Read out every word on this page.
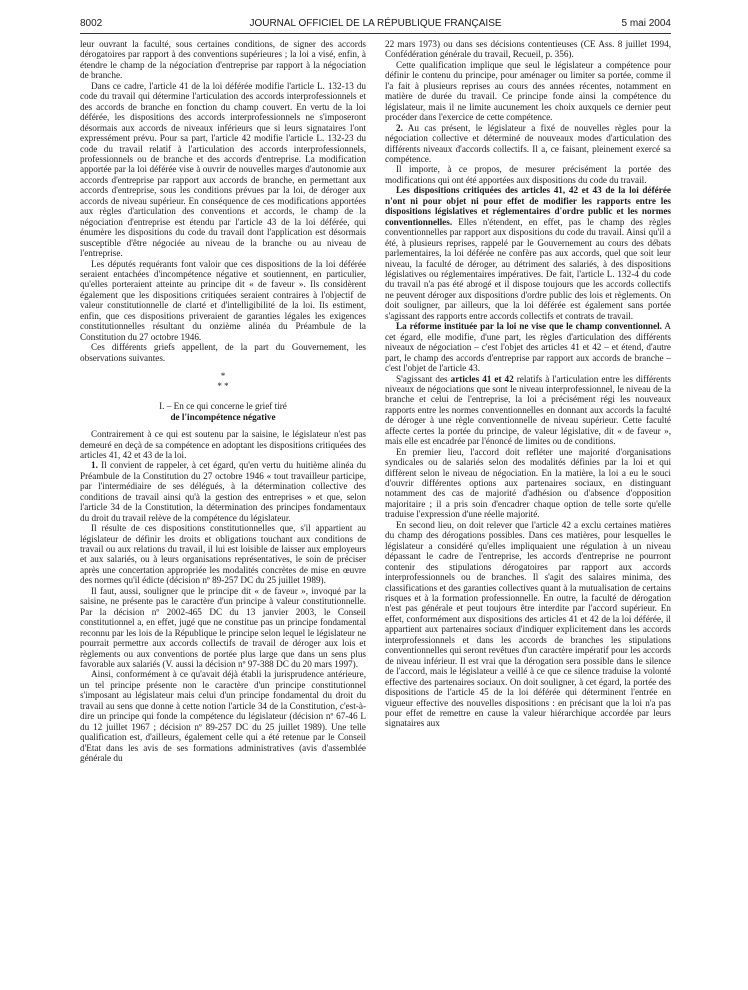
8002	JOURNAL OFFICIEL DE LA RÉPUBLIQUE FRANÇAISE	5 mai 2004

leur ouvrant la faculté, sous certaines conditions, de signer des accords dérogatoires par rapport à des conventions supérieures ; la loi a visé, enfin, à étendre le champ de la négociation d'entreprise par rapport à la négociation de branche.

Dans ce cadre, l'article 41 de la loi déférée modifie l'article L. 132-13 du code du travail qui détermine l'articulation des accords interprofessionnels et des accords de branche en fonction du champ couvert. En vertu de la loi déférée, les dispositions des accords interprofessionnels ne s'imposeront désormais aux accords de niveaux inférieurs que si leurs signataires l'ont expressément prévu. Pour sa part, l'article 42 modifie l'article L. 132-23 du code du travail relatif à l'articulation des accords interprofessionnels, professionnels ou de branche et des accords d'entreprise. La modification apportée par la loi déférée vise à ouvrir de nouvelles marges d'autonomie aux accords d'entreprise par rapport aux accords de branche, en permettant aux accords d'entreprise, sous les conditions prévues par la loi, de déroger aux accords de niveau supérieur. En conséquence de ces modifications apportées aux règles d'articulation des conventions et accords, le champ de la négociation d'entreprise est étendu par l'article 43 de la loi déférée, qui énumère les dispositions du code du travail dont l'application est désormais susceptible d'être négociée au niveau de la branche ou au niveau de l'entreprise.

Les députés requérants font valoir que ces dispositions de la loi déférée seraient entachées d'incompétence négative et soutiennent, en particulier, qu'elles porteraient atteinte au principe dit « de faveur ». Ils considèrent également que les dispositions critiquées seraient contraires à l'objectif de valeur constitutionnelle de clarté et d'intelligibilité de la loi. Ils estiment, enfin, que ces dispositions priveraient de garanties légales les exigences constitutionnelles résultant du onzième alinéa du Préambule de la Constitution du 27 octobre 1946.

Ces différents griefs appellent, de la part du Gouvernement, les observations suivantes.

*
* *
I. – En ce qui concerne le grief tiré
de l'incompétence négative

Contrairement à ce qui est soutenu par la saisine, le législateur n'est pas demeuré en deçà de sa compétence en adoptant les dispositions critiquées des articles 41, 42 et 43 de la loi.

1. Il convient de rappeler, à cet égard, qu'en vertu du huitième alinéa du Préambule de la Constitution du 27 octobre 1946 « tout travailleur participe, par l'intermédiaire de ses délégués, à la détermination collective des conditions de travail ainsi qu'à la gestion des entreprises » et que, selon l'article 34 de la Constitution, la détermination des principes fondamentaux du droit du travail relève de la compétence du législateur.

Il résulte de ces dispositions constitutionnelles que, s'il appartient au législateur de définir les droits et obligations touchant aux conditions de travail ou aux relations du travail, il lui est loisible de laisser aux employeurs et aux salariés, ou à leurs organisations représentatives, le soin de préciser après une concertation appropriée les modalités concrètes de mise en œuvre des normes qu'il édicte (décision nº 89-257 DC du 25 juillet 1989).

Il faut, aussi, souligner que le principe dit « de faveur », invoqué par la saisine, ne présente pas le caractère d'un principe à valeur constitutionnelle. Par la décision nº 2002-465 DC du 13 janvier 2003, le Conseil constitutionnel a, en effet, jugé que ne constitue pas un principe fondamental reconnu par les lois de la République le principe selon lequel le législateur ne pourrait permettre aux accords collectifs de travail de déroger aux lois et règlements ou aux conventions de portée plus large que dans un sens plus favorable aux salariés (V. aussi la décision nº 97-388 DC du 20 mars 1997).

Ainsi, conformément à ce qu'avait déjà établi la jurisprudence antérieure, un tel principe présente non le caractère d'un principe constitutionnel s'imposant au législateur mais celui d'un principe fondamental du droit du travail au sens que donne à cette notion l'article 34 de la Constitution, c'est-à-dire un principe qui fonde la compétence du législateur (décision nº 67-46 L du 12 juillet 1967 ; décision nº 89-257 DC du 25 juillet 1989). Une telle qualification est, d'ailleurs, également celle qui a été retenue par le Conseil d'Etat dans les avis de ses formations administratives (avis d'assemblée générale du

22 mars 1973) ou dans ses décisions contentieuses (CE Ass. 8 juillet 1994, Confédération générale du travail, Recueil, p. 356).

Cette qualification implique que seul le législateur a compétence pour définir le contenu du principe, pour aménager ou limiter sa portée, comme il l'a fait à plusieurs reprises au cours des années récentes, notamment en matière de durée du travail. Ce principe fonde ainsi la compétence du législateur, mais il ne limite aucunement les choix auxquels ce dernier peut procéder dans l'exercice de cette compétence.

2. Au cas présent, le législateur a fixé de nouvelles règles pour la négociation collective et déterminé de nouveaux modes d'articulation des différents niveaux d'accords collectifs. Il a, ce faisant, pleinement exercé sa compétence.

Il importe, à ce propos, de mesurer précisément la portée des modifications qui ont été apportées aux dispositions du code du travail.

Les dispositions critiquées des articles 41, 42 et 43 de la loi déférée n'ont ni pour objet ni pour effet de modifier les rapports entre les dispositions législatives et réglementaires d'ordre public et les normes conventionnelles. Elles n'étendent, en effet, pas le champ des règles conventionnelles par rapport aux dispositions du code du travail. Ainsi qu'il a été, à plusieurs reprises, rappelé par le Gouvernement au cours des débats parlementaires, la loi déférée ne confère pas aux accords, quel que soit leur niveau, la faculté de déroger, au détriment des salariés, à des dispositions législatives ou réglementaires impératives. De fait, l'article L. 132-4 du code du travail n'a pas été abrogé et il dispose toujours que les accords collectifs ne peuvent déroger aux dispositions d'ordre public des lois et règlements. On doit souligner, par ailleurs, que la loi déférée est également sans portée s'agissant des rapports entre accords collectifs et contrats de travail.

La réforme instituée par la loi ne vise que le champ conventionnel. A cet égard, elle modifie, d'une part, les règles d'articulation des différents niveaux de négociation – c'est l'objet des articles 41 et 42 – et étend, d'autre part, le champ des accords d'entreprise par rapport aux accords de branche – c'est l'objet de l'article 43.

S'agissant des articles 41 et 42 relatifs à l'articulation entre les différents niveaux de négociations que sont le niveau interprofessionnel, le niveau de la branche et celui de l'entreprise, la loi a précisément régi les nouveaux rapports entre les normes conventionnelles en donnant aux accords la faculté de déroger à une règle conventionnelle de niveau supérieur. Cette faculté affecte certes la portée du principe, de valeur législative, dit « de faveur », mais elle est encadrée par l'énoncé de limites ou de conditions.

En premier lieu, l'accord doit refléter une majorité d'organisations syndicales ou de salariés selon des modalités définies par la loi et qui diffèrent selon le niveau de négociation. En la matière, la loi a eu le souci d'ouvrir différentes options aux partenaires sociaux, en distinguant notamment des cas de majorité d'adhésion ou d'absence d'opposition majoritaire ; il a pris soin d'encadrer chaque option de telle sorte qu'elle traduise l'expression d'une réelle majorité.

En second lieu, on doit relever que l'article 42 a exclu certaines matières du champ des dérogations possibles. Dans ces matières, pour lesquelles le législateur a considéré qu'elles impliquaient une régulation à un niveau dépassant le cadre de l'entreprise, les accords d'entreprise ne pourront contenir des stipulations dérogatoires par rapport aux accords interprofessionnels ou de branches. Il s'agit des salaires minima, des classifications et des garanties collectives quant à la mutualisation de certains risques et à la formation professionnelle. En outre, la faculté de dérogation n'est pas générale et peut toujours être interdite par l'accord supérieur. En effet, conformément aux dispositions des articles 41 et 42 de la loi déférée, il appartient aux partenaires sociaux d'indiquer explicitement dans les accords interprofessionnels et dans les accords de branches les stipulations conventionnelles qui seront revêtues d'un caractère impératif pour les accords de niveau inférieur. Il est vrai que la dérogation sera possible dans le silence de l'accord, mais le législateur a veillé à ce que ce silence traduise la volonté effective des partenaires sociaux. On doit souligner, à cet égard, la portée des dispositions de l'article 45 de la loi déférée qui déterminent l'entrée en vigueur effective des nouvelles dispositions : en précisant que la loi n'a pas pour effet de remettre en cause la valeur hiérarchique accordée par leurs signataires aux
